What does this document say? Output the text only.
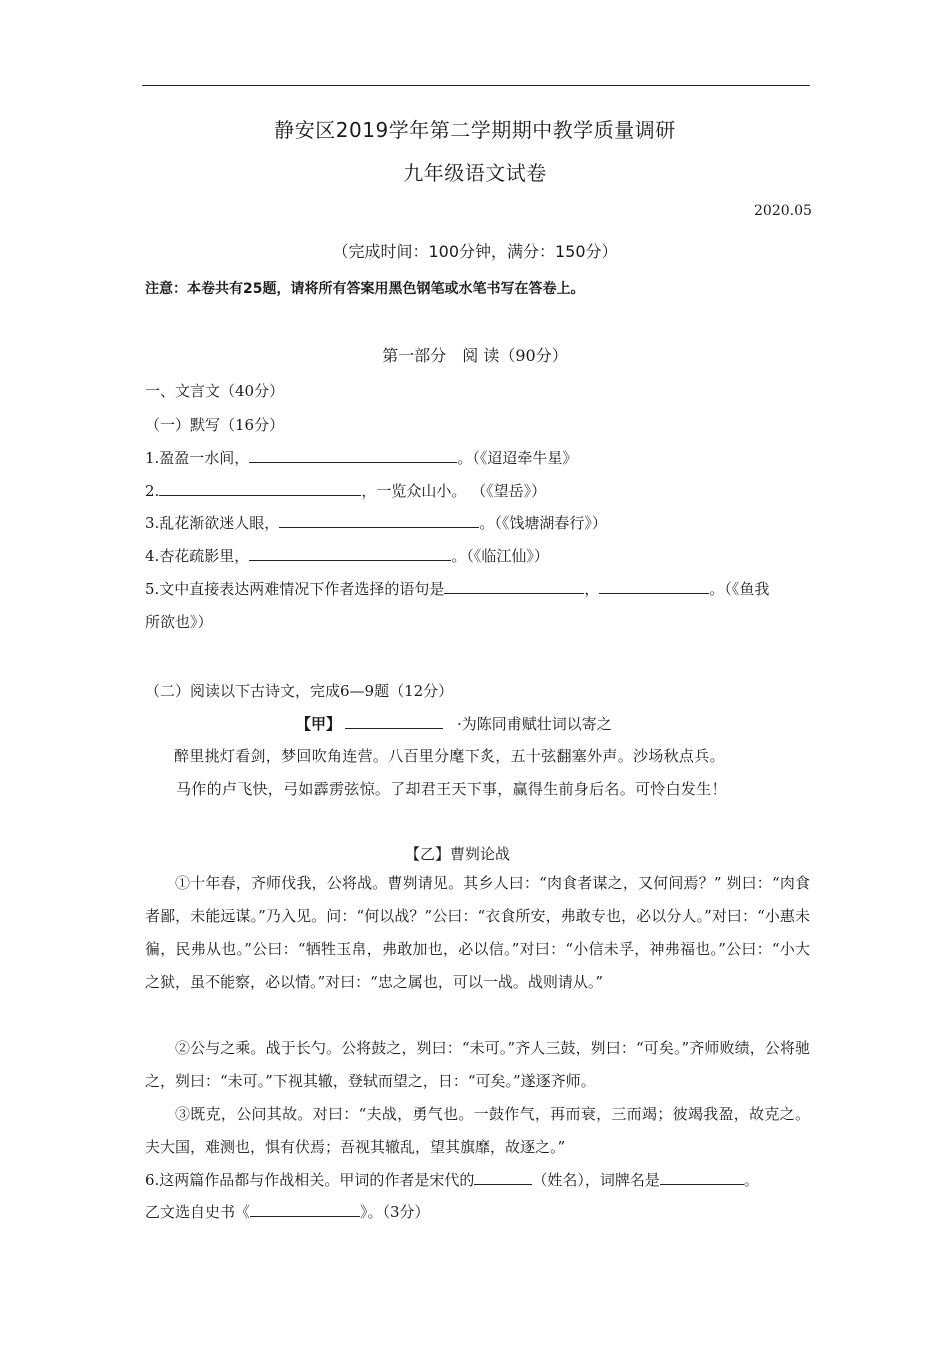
静安区2019学年第二学期期中教学质量调研
九年级语文试卷
2020.05
（完成时间：100分钟，满分：150分）
注意：本卷共有25题，请将所有答案用黑色钢笔或水笔书写在答卷上。
第一部分　阅 读（90分）
一、文言文（40分）
（一）默写（16分）
1.盈盈一水间，	。（《迢迢牵牛星》
2.	，一览众山小。 （《望岳》）
3.乱花渐欲迷人眼，	。（《饯塘湖春行》）
4.杏花疏影里，	。（《临江仙》）
5.文中直接表达两难情况下作者选择的语句是	，	。（《鱼我
所欲也》）
（二）阅读以下古诗文，完成6—9题（12分）
【甲】	·为陈同甫赋壮词以寄之
醉里挑灯看剑，梦回吹角连营。八百里分麾下炙，五十弦翻塞外声。沙场秋点兵。
马作的卢飞快，弓如霹雳弦惊。了却君王天下事，赢得生前身后名。可怜白发生！
【乙】曹刿论战
①十年春，齐师伐我，公将战。曹刿请见。其乡人曰：“肉食者谋之，又何间焉？” 刿曰：“肉食者鄙，未能远谋。”乃入见。问：“何以战？”公曰：“衣食所安，弗敢专也，必以分人。”对曰：“小惠未徧，民弗从也。”公曰：“牺牲玉帛，弗敢加也，必以信。”对曰：“小信未孚，神弗福也。”公曰：“小大之狱，虽不能察，必以情。”对曰：“忠之属也，可以一战。战则请从。”
②公与之乘。战于长勺。公将鼓之，刿曰：“未可。”齐人三鼓，刿曰：“可矣。”齐师败绩，公将驰之，刿曰：“未可。”下视其辙，登轼而望之，日：“可矣。”遂逐齐师。
③既克，公问其故。对曰：“夫战，勇气也。一鼓作气，再而衰，三而竭；彼竭我盈，故克之。夫大国，难测也，惧有伏焉；吾视其辙乱，望其旗靡，故逐之。”
6.这两篇作品都与作战相关。甲词的作者是宋代的	（姓名），词牌名是	。
乙文选自史书《	》。（3分）
